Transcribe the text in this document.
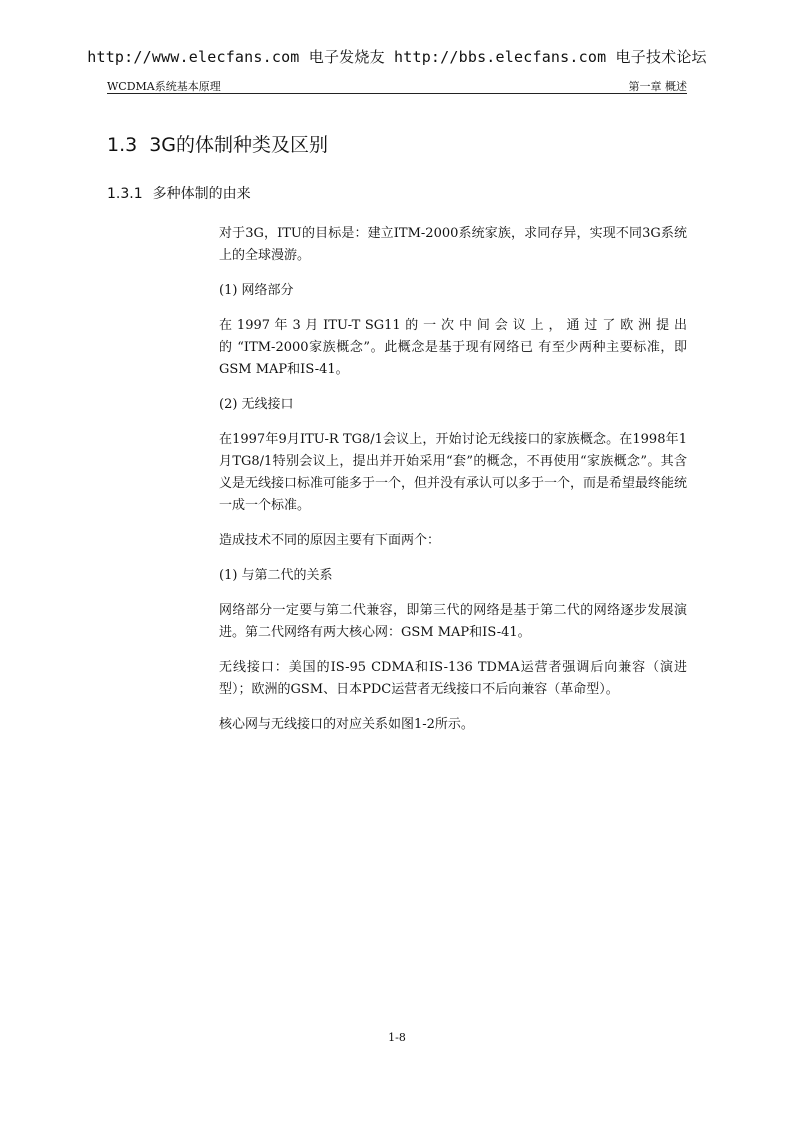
http://www.elecfans.com 电子发烧友 http://bbs.elecfans.com 电子技术论坛
WCDMA系统基本原理	第一章 概述
1.3 3G的体制种类及区别
1.3.1 多种体制的由来

对于3G，ITU的目标是：建立ITM-2000系统家族，求同存异，实现不同3G系统上的全球漫游。

(1) 网络部分

在 1997 年 3 月 ITU-T SG11 的 一 次 中 间 会 议 上 ， 通 过 了 欧 洲 提 出 的 “ITM-2000家族概念”。此概念是基于现有网络已 有至少两种主要标准，即GSM MAP和IS-41。

(2) 无线接口

在1997年9月ITU-R TG8/1会议上，开始讨论无线接口的家族概念。在1998年1月TG8/1特别会议上，提出并开始采用“套”的概念，不再使用“家族概念”。其含义是无线接口标准可能多于一个，但并没有承认可以多于一个，而是希望最终能统一成一个标准。

造成技术不同的原因主要有下面两个：

(1) 与第二代的关系

网络部分一定要与第二代兼容，即第三代的网络是基于第二代的网络逐步发展演进。第二代网络有两大核心网：GSM MAP和IS-41。

无线接口：美国的IS-95 CDMA和IS-136 TDMA运营者强调后向兼容（演进型）；欧洲的GSM、日本PDC运营者无线接口不后向兼容（革命型）。

核心网与无线接口的对应关系如图1-2所示。

1-8
